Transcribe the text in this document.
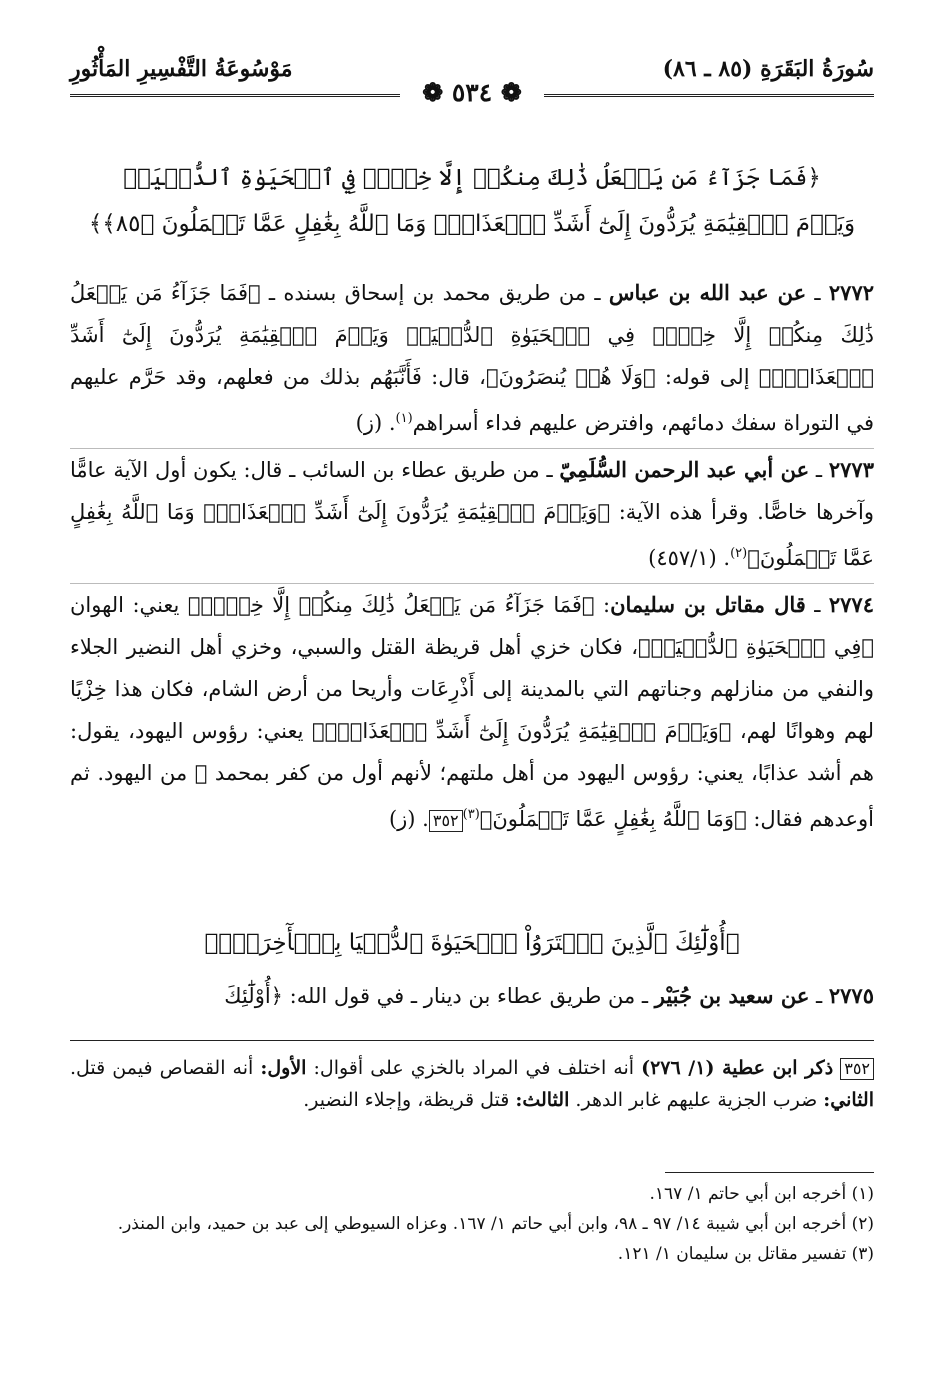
سُورَةُ البَقَرَةِ (٨٥ ـ ٨٦)
مَوْسُوعَةُ التَّفْسِيرِ المَأْثُورِ
❁ ٥٣٤ ❁
﴿فَمَا جَزَآءُ مَن يَفۡعَلُ ذَٰلِكَ مِنكُمۡ إِلَّا خِزۡيٞ فِي ٱلۡحَيَوٰةِ ٱلدُّنۡيَاۖ
وَيَوۡمَ ٱلۡقِيَٰمَةِ يُرَدُّونَ إِلَىٰٓ أَشَدِّ ٱلۡعَذَابِۗ وَمَا ٱللَّهُ بِغَٰفِلٍ عَمَّا تَعۡمَلُونَ ﴿٨٥﴾﴾

٢٧٧٢ ـ عن عبد الله بن عباس ـ من طريق محمد بن إسحاق بسنده ـ ﴿فَمَا جَزَآءُ مَن يَفۡعَلُ ذَٰلِكَ مِنكُمۡ إِلَّا خِزۡيٞ فِي ٱلۡحَيَوٰةِ ٱلدُّنۡيَاۖ وَيَوۡمَ ٱلۡقِيَٰمَةِ يُرَدُّونَ إِلَىٰٓ أَشَدِّ ٱلۡعَذَابِۗ﴾ إلى قوله: ﴿وَلَا هُمۡ يُنصَرُونَ﴾، قال: فَأَنَّبَهُم بذلك من فعلهم، وقد حَرَّم عليهم في التوراة سفك دمائهم، وافترض عليهم فداء أسراهم$^{(١)}$. (ز)

٢٧٧٣ ـ عن أبي عبد الرحمن السُّلَمِيّ ـ من طريق عطاء بن السائب ـ قال: يكون أول الآية عامًّا وآخرها خاصًّا. وقرأ هذه الآية: ﴿وَيَوۡمَ ٱلۡقِيَٰمَةِ يُرَدُّونَ إِلَىٰٓ أَشَدِّ ٱلۡعَذَابِۗ وَمَا ٱللَّهُ بِغَٰفِلٍ عَمَّا تَعۡمَلُونَ﴾$^{(٢)}$. (٤٥٧/١)

٢٧٧٤ ـ قال مقاتل بن سليمان: ﴿فَمَا جَزَآءُ مَن يَفۡعَلُ ذَٰلِكَ مِنكُمۡ إِلَّا خِزۡيٞ﴾ يعني: الهوان ﴿فِي ٱلۡحَيَوٰةِ ٱلدُّنۡيَاۖ﴾، فكان خزي أهل قريظة القتل والسبي، وخزي أهل النضير الجلاء والنفي من منازلهم وجناتهم التي بالمدينة إلى أَذْرِعَات وأريحا من أرض الشام، فكان هذا خِزْيًا لهم وهوانًا لهم، ﴿وَيَوۡمَ ٱلۡقِيَٰمَةِ يُرَدُّونَ إِلَىٰٓ أَشَدِّ ٱلۡعَذَابِۗ﴾ يعني: رؤوس اليهود، يقول: هم أشد عذابًا، يعني: رؤوس اليهود من أهل ملتهم؛ لأنهم أول من كفر بمحمد ﷺ من اليهود. ثم أوعدهم فقال: ﴿وَمَا ٱللَّهُ بِغَٰفِلٍ عَمَّا تَعۡمَلُونَ﴾$^{(٣)}$٣٥٢. (ز)

﴿أُوْلَٰٓئِكَ ٱلَّذِينَ ٱشۡتَرَوُاْ ٱلۡحَيَوٰةَ ٱلدُّنۡيَا بِٱلۡأٓخِرَةِۖ﴾
٢٧٧٥ ـ عن سعيد بن جُبَيْر ـ من طريق عطاء بن دينار ـ في قول الله: ﴿أُوْلَٰٓئِكَ
٣٥٢ ذكر ابن عطية (١/ ٢٧٦) أنه اختلف في المراد بالخزي على أقوال: الأول: أنه القصاص فيمن قتل. الثاني: ضرب الجزية عليهم غابر الدهر. الثالث: قتل قريظة، وإجلاء النضير.

(١) أخرجه ابن أبي حاتم ١/ ١٦٧.

(٢) أخرجه ابن أبي شيبة ١٤/ ٩٧ ـ ٩٨، وابن أبي حاتم ١/ ١٦٧. وعزاه السيوطي إلى عبد بن حميد، وابن المنذر.

(٣) تفسير مقاتل بن سليمان ١/ ١٢١.
